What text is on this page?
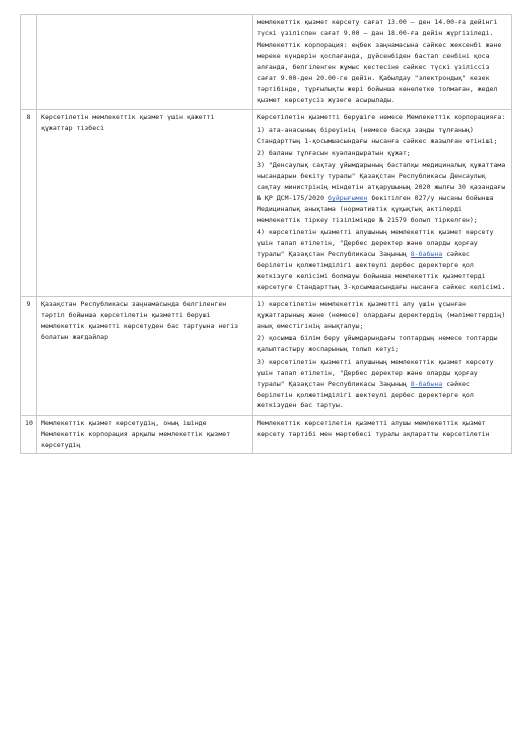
		мемлекеттік қызмет көрсету сағат 13.00 – ден 14.00-ға дейінгі түскі үзіліспен сағат 9.00 – дан 18.00-ға дейін жүргізіледі.
Мемлекеттік корпорация: еңбек заңнамасына сәйкес жексенбі және мереке күндерін қоспағанда, дүйсенбіден бастап сенбіні қоса алғанда, белгіленген жұмыс кестесіне сәйкес түскі үзіліссіз сағат 9.00-ден 20.00-ге дейін. Қабылдау "электрондық" кезек тәртібінде, тұрғылықты жері бойынша көнелетке толмаған, жедел қызмет көрсетусіз жүзеге асырылады.

8	Көрсетілетін мемлекеттік қызмет үшін қажетті құжаттар тізбесі	Көрсетілетін қызметті берушіге немесе Мемлекеттік корпорацияға:
1) ата-анасының біреуінің (немесе басқа заңды тұлғаның) Стандарттың 1-қосымшасындағы нысанға сәйкес жазылған өтініші;
2) баланы тұлғасын куәландыратын құжат;
3) "Денсаулық сақтау ұйымдарының бастапқы медициналық құжаттама нысандарын бекіту туралы" Қазақстан Республикасы Денсаулық сақтау министрінің міндетін атқарушының 2020 жылғы 30 қазандағы № ҚР ДСМ-175/2020 бұйрығымен бекітілген 027/у нысаны бойынша Медициналық анықтама (нормативтік құқықтық актілерді мемлекеттік тіркеу тізілімінде № 21579 болып тіркелген);
4) көрсетілетін қызметті алушының мемлекеттік қызмет көрсету үшін талап етілетін, "Дербес деректер және оларды қорғау туралы" Қазақстан Республикасы Заңының 8-бабына сәйкес берілетін қолжетімділігі шектеулі дербес деректерге қол жеткізуге келісімі болмауы бойынша мемлекеттік қызметтерді көрсетуге Стандарттың 3-қосымшасындағы нысанға сәйкес келісімі.

9	Қазақстан Республикасы заңнамасында белгіленген тәртіп бойынша көрсетілетін қызметті беруші мемлекеттік қызметті көрсетуден бас тартуына негіз болатын жағдайлар	1) көрсетілетін мемлекеттік қызметті алу үшін ұсынған құжаттарының және (немесе) олардағы деректердің (мәліметтердің) анық еместігінің анықталуы;
2) қосымша білім беру ұйымдарындағы топтардың немесе топтарды қалыптастыру жоспарының толып кетуі;
3) көрсетілетін қызметті алушының мемлекеттік қызмет көрсету үшін талап етілетін, "Дербес деректер және оларды қорғау туралы" Қазақстан Республикасы Заңының 8-бабына сәйкес берілетін қолжетімділігі шектеулі дербес деректерге қол жеткізуден бас тартуы.

10	Мемлекеттік қызмет көрсетудің, оның ішінде Мемлекеттік корпорация арқылы мемлекеттік қызмет көрсетудің	Мемлекеттік көрсетілетін қызметті алушы мемлекеттік қызмет көрсету тәртібі мен мәртебесі туралы ақпаратты көрсетілетін
